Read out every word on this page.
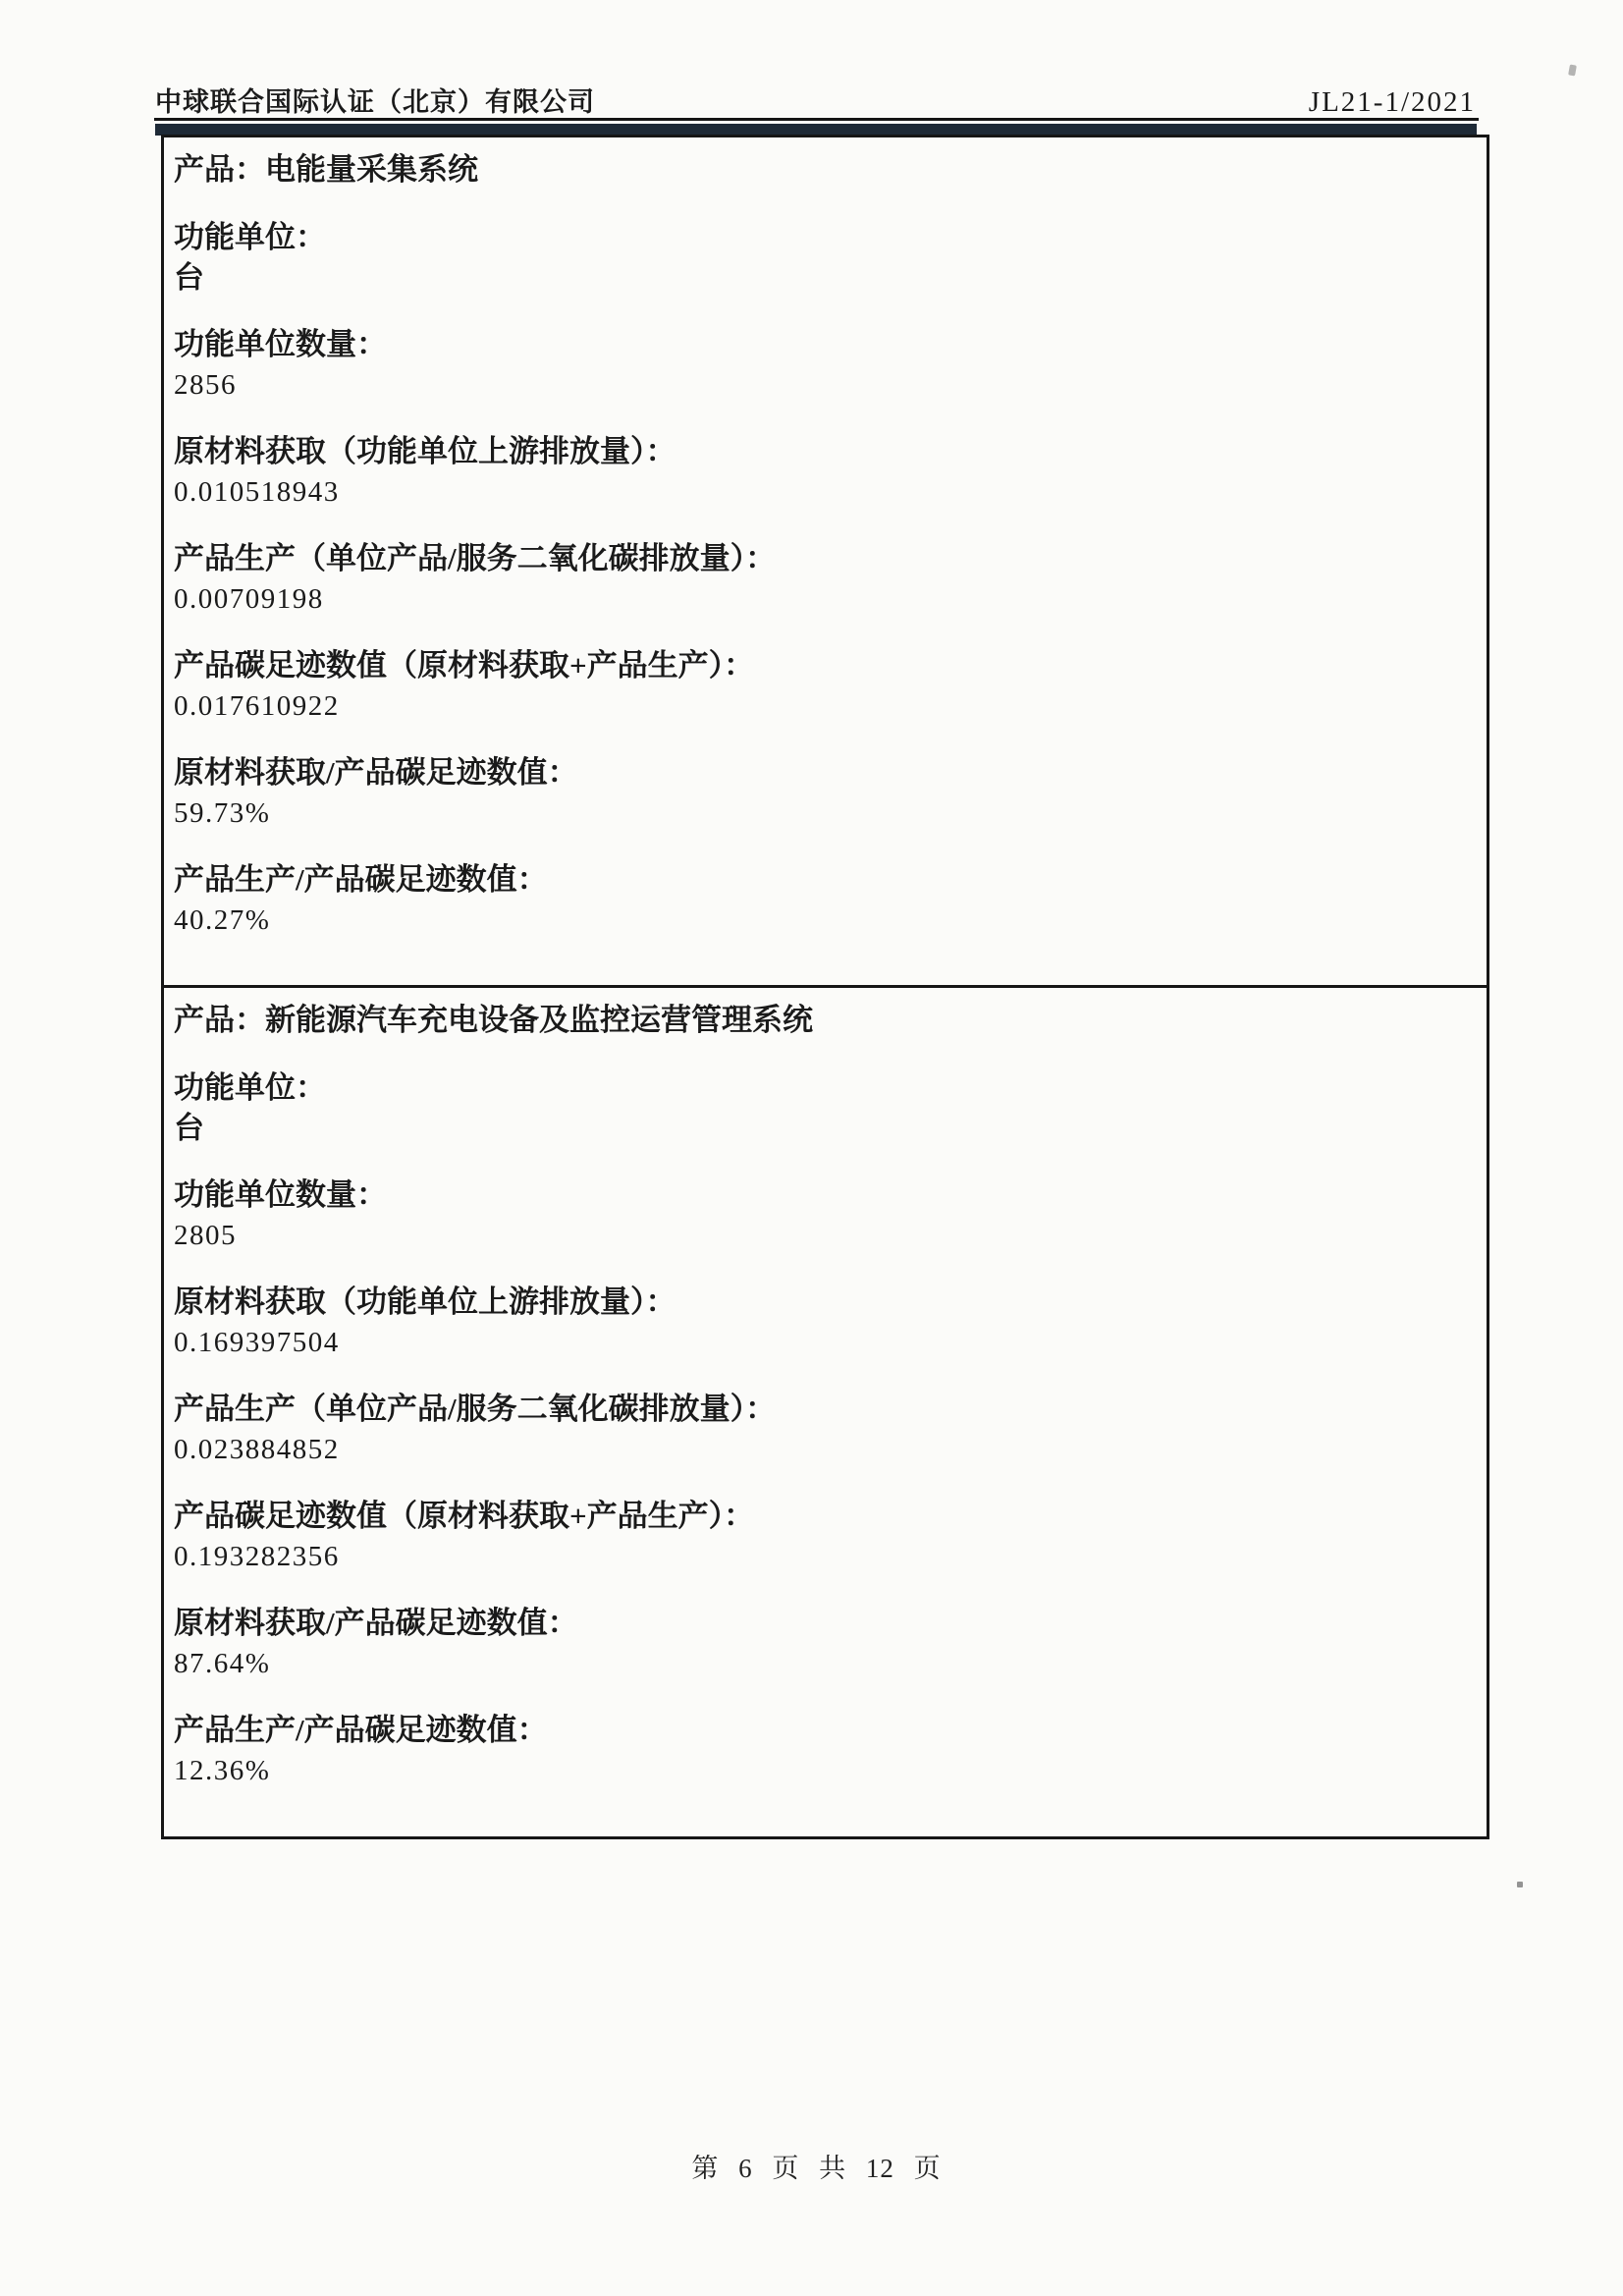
中球联合国际认证（北京）有限公司	JL21-1/2021
产品：电能量采集系统
功能单位：
台
功能单位数量：
2856
原材料获取（功能单位上游排放量）：
0.010518943
产品生产（单位产品/服务二氧化碳排放量）：
0.00709198
产品碳足迹数值（原材料获取+产品生产）：
0.017610922
原材料获取/产品碳足迹数值：
59.73%
产品生产/产品碳足迹数值：
40.27%
产品：新能源汽车充电设备及监控运营管理系统
功能单位：
台
功能单位数量：
2805
原材料获取（功能单位上游排放量）：
0.169397504
产品生产（单位产品/服务二氧化碳排放量）：
0.023884852
产品碳足迹数值（原材料获取+产品生产）：
0.193282356
原材料获取/产品碳足迹数值：
87.64%
产品生产/产品碳足迹数值：
12.36%
第 6 页 共 12 页
